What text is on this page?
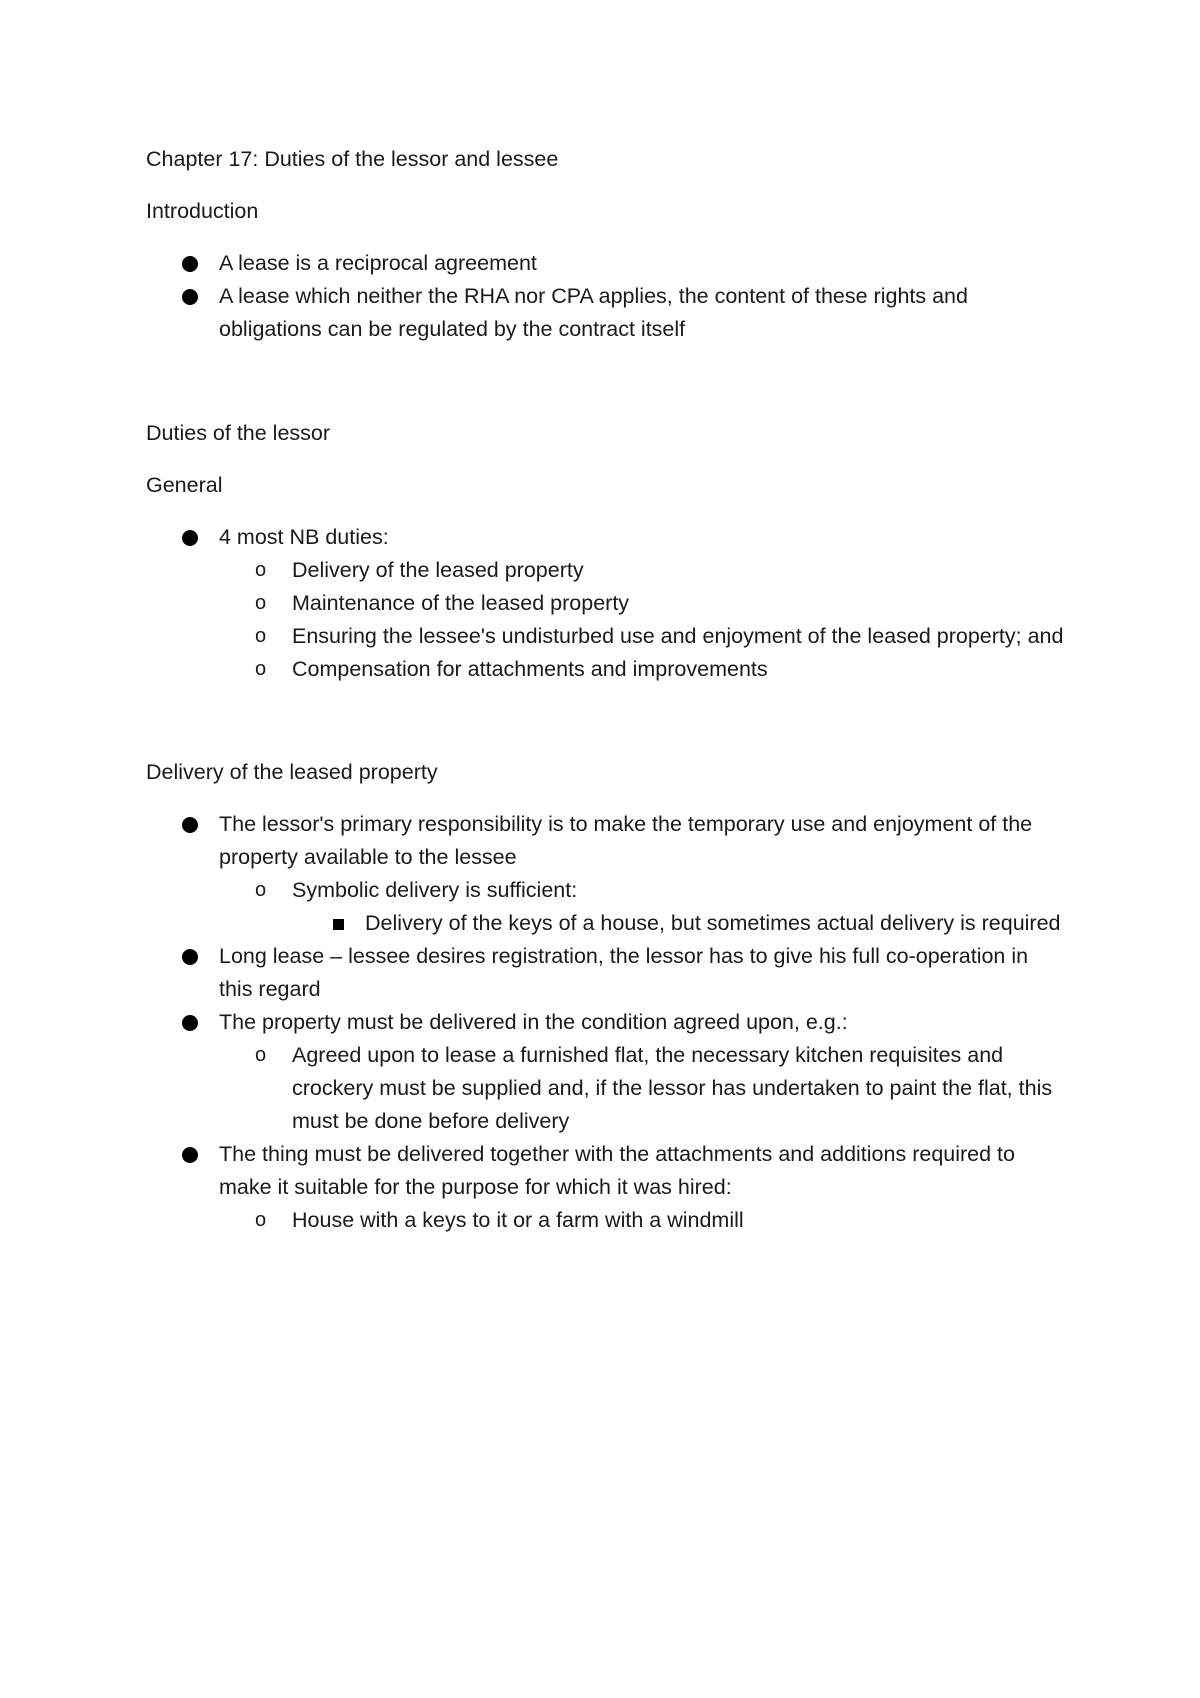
Chapter 17: Duties of the lessor and lessee

Introduction

A lease is a reciprocal agreement
A lease which neither the RHA nor CPA applies, the content of these rights and obligations can be regulated by the contract itself

Duties of the lessor

General

4 most NB duties:
o Delivery of the leased property
o Maintenance of the leased property
o Ensuring the lessee's undisturbed use and enjoyment of the leased property; and
o Compensation for attachments and improvements

Delivery of the leased property

The lessor's primary responsibility is to make the temporary use and enjoyment of the property available to the lessee
o Symbolic delivery is sufficient:
Delivery of the keys of a house, but sometimes actual delivery is required
Long lease – lessee desires registration, the lessor has to give his full co-operation in this regard
The property must be delivered in the condition agreed upon, e.g.:
o Agreed upon to lease a furnished flat, the necessary kitchen requisites and crockery must be supplied and, if the lessor has undertaken to paint the flat, this must be done before delivery
The thing must be delivered together with the attachments and additions required to make it suitable for the purpose for which it was hired:
o House with a keys to it or a farm with a windmill
